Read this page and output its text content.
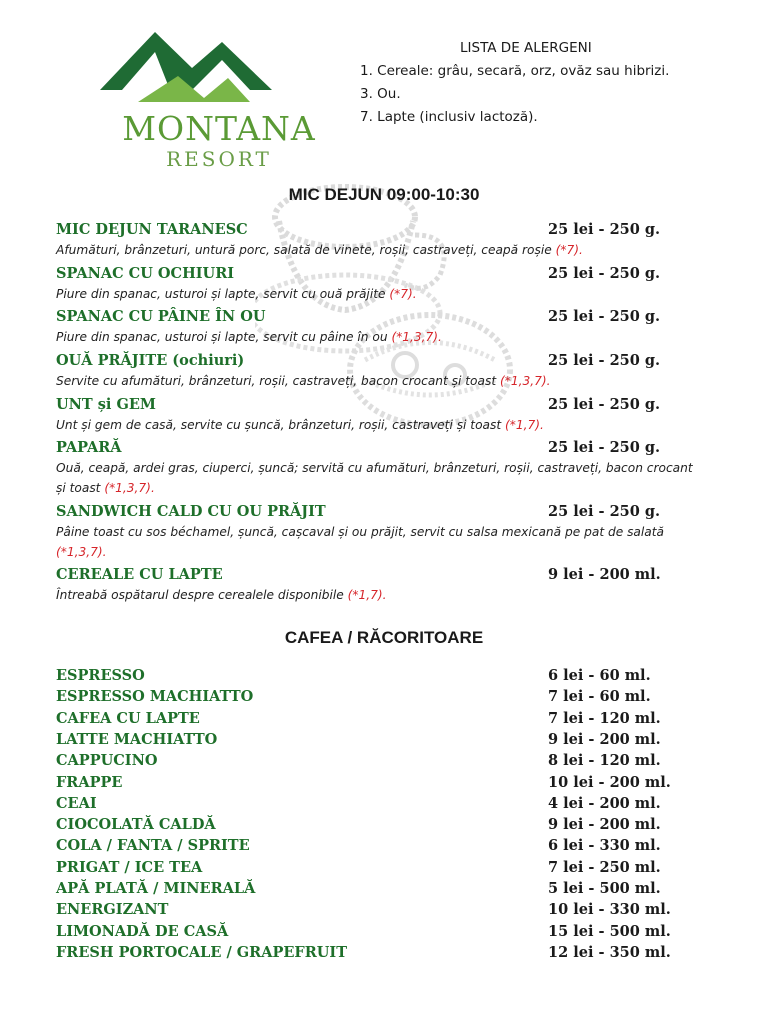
MONTANA
RESORT
LISTA DE ALERGENI
1. Cereale: grâu, secară, orz, ovăz sau hibrizi.
3. Ou.
7. Lapte (inclusiv lactoză).
MIC DEJUN 09:00-10:30
MIC DEJUN TARANESC	25 lei - 250 g.
Afumături, brânzeturi, untură porc, salată de vinete, roșii, castraveți, ceapă roșie (*7).
SPANAC CU OCHIURI	25 lei - 250 g.
Piure din spanac, usturoi și lapte, servit cu ouă prăjite (*7).
SPANAC CU PÂINE ÎN OU	25 lei - 250 g.
Piure din spanac, usturoi și lapte, servit cu pâine în ou (*1,3,7).
OUĂ PRĂJITE (ochiuri)	25 lei - 250 g.
Servite cu afumături, brânzeturi, roșii, castraveți, bacon crocant și toast (*1,3,7).
UNT și GEM	25 lei - 250 g.
Unt și gem de casă, servite cu șuncă, brânzeturi, roșii, castraveți și toast (*1,7).
PAPARĂ	25 lei - 250 g.
Ouă, ceapă, ardei gras, ciuperci, șuncă; servită cu afumături, brânzeturi, roșii, castraveți, bacon crocant și toast (*1,3,7).
SANDWICH CALD CU OU PRĂJIT	25 lei - 250 g.
Pâine toast cu sos béchamel, șuncă, cașcaval și ou prăjit, servit cu salsa mexicană pe pat de salată (*1,3,7).
CEREALE CU LAPTE	9 lei - 200 ml.
Întreabă ospătarul despre cerealele disponibile (*1,7).
CAFEA / RĂCORITOARE
ESPRESSO	6 lei - 60 ml.
ESPRESSO MACHIATTO	7 lei - 60 ml.
CAFEA CU LAPTE	7 lei - 120 ml.
LATTE MACHIATTO	9 lei - 200 ml.
CAPPUCINO	8 lei - 120 ml.
FRAPPE	10 lei - 200 ml.
CEAI	4 lei - 200 ml.
CIOCOLATĂ CALDĂ	9 lei - 200 ml.
COLA / FANTA / SPRITE	6 lei - 330 ml.
PRIGAT / ICE TEA	7 lei - 250 ml.
APĂ PLATĂ / MINERALĂ	5 lei - 500 ml.
ENERGIZANT	10 lei - 330 ml.
LIMONADĂ DE CASĂ	15 lei - 500 ml.
FRESH PORTOCALE / GRAPEFRUIT	12 lei - 350 ml.
